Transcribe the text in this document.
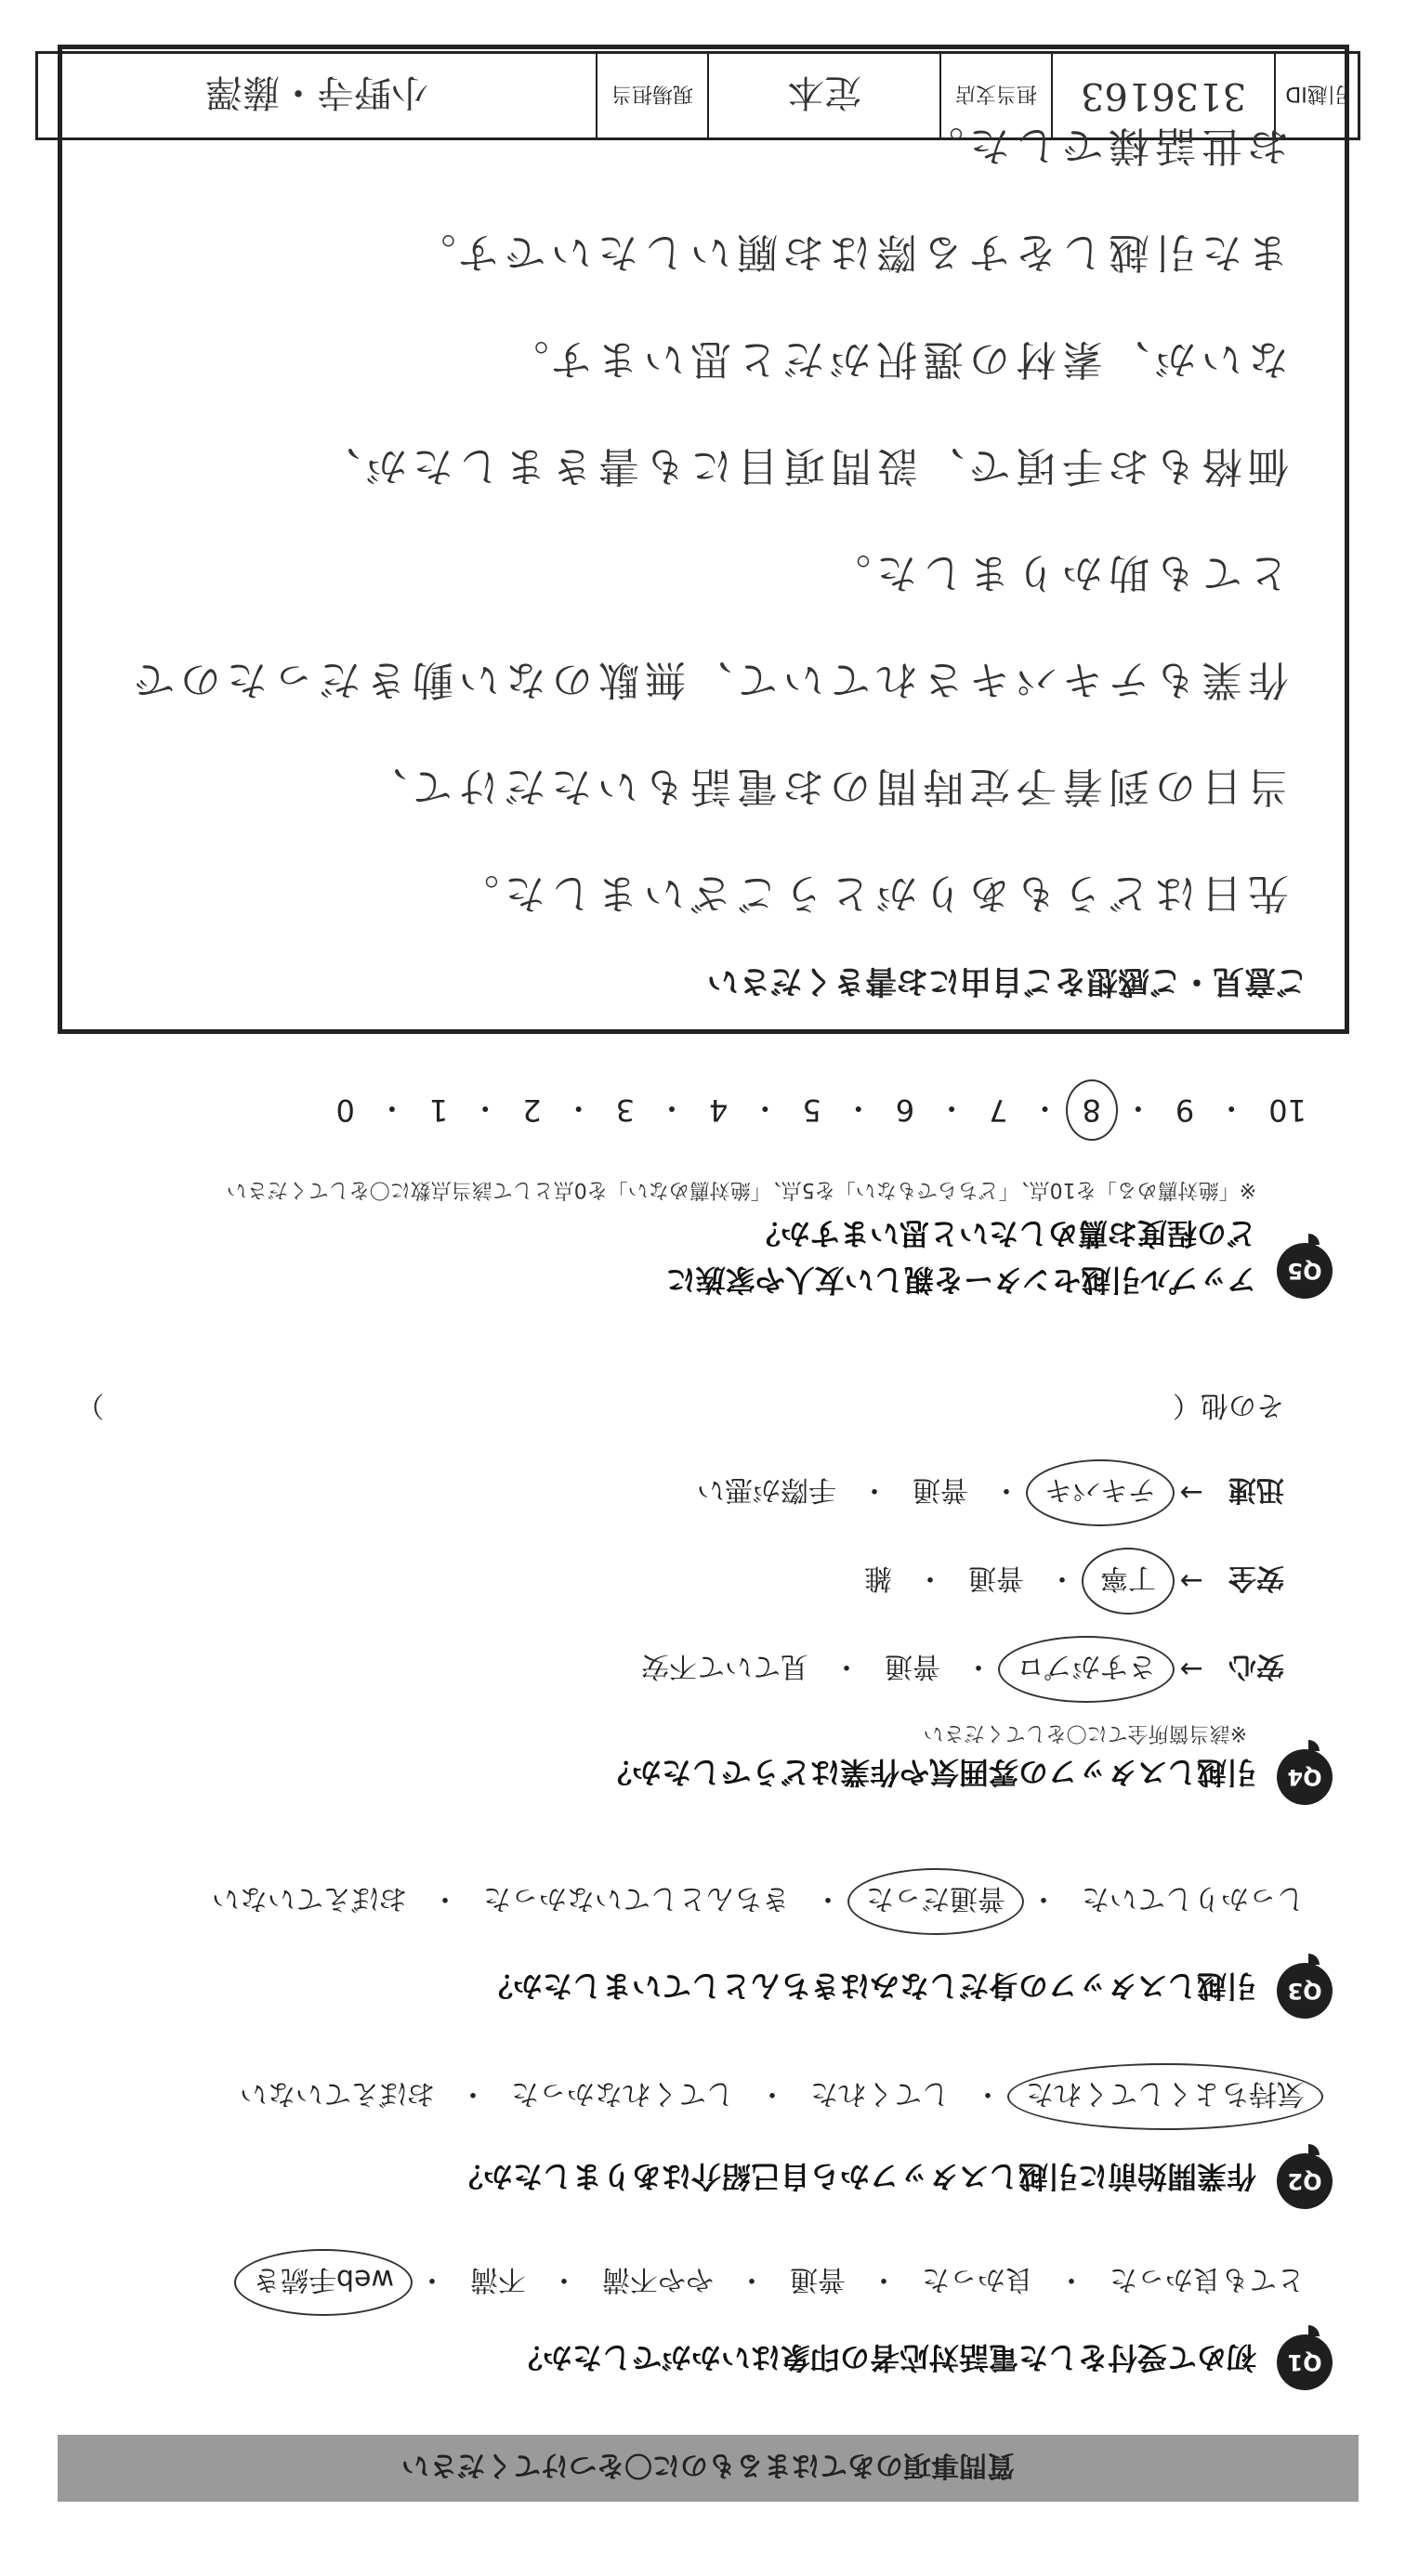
引越ID
3136163
担当支店
定本
現場担当
小野寺・藤澤
質問事項のあてはまるものに〇をつけてください
Q1
初めて受付をした電話対応者の印象はいかがでしたか？
とても良かった
・
良かった
・
普通
・
やや不満
・
不満
・
web手続き
Q2
作業開始前に引越しスタッフから自己紹介はありましたか？
気持ちよくしてくれた
・
してくれた
・
してくれなかった
・
おぼえていない
Q3
引越しスタッフの身だしなみはきちんとしていましたか？
しっかりしていた
・
普通だった
・
きちんとしていなかった
・
おぼえていない
Q4
引越しスタッフの雰囲気や作業はどうでしたか？
※該当箇所全てに〇をしてください
安心
→
さすがプロ
・
普通
・
見ていて不安
安全
→
丁寧
・
普通
・
雑
迅速
→
テキパキ
・
普通
・
手際が悪い
その他（
）
Q5
アップル引越センターを親しい友人や家族に
どの程度お薦めしたいと思いますか？
※「絶対薦める」を10点、「どちらでもない」を5点、「絶対薦めない」を0点として該当点数に〇をしてください
10
・
9
・
8
・
7
・
6
・
5
・
4
・
3
・
2
・
1
・
0
ご意見・ご感想をご自由にお書きください
先日はどうもありがとうございました。
当日の到着予定時間のお電話もいただけて、
作業もテキパキされていて、無駄のない動きだったので
とても助かりました。
価格もお手頃で、設問項目にも書きましたが、
ないが、素材の選択がだと思います。
また引越しをする際はお願いしたいです。
お世話様でした。
